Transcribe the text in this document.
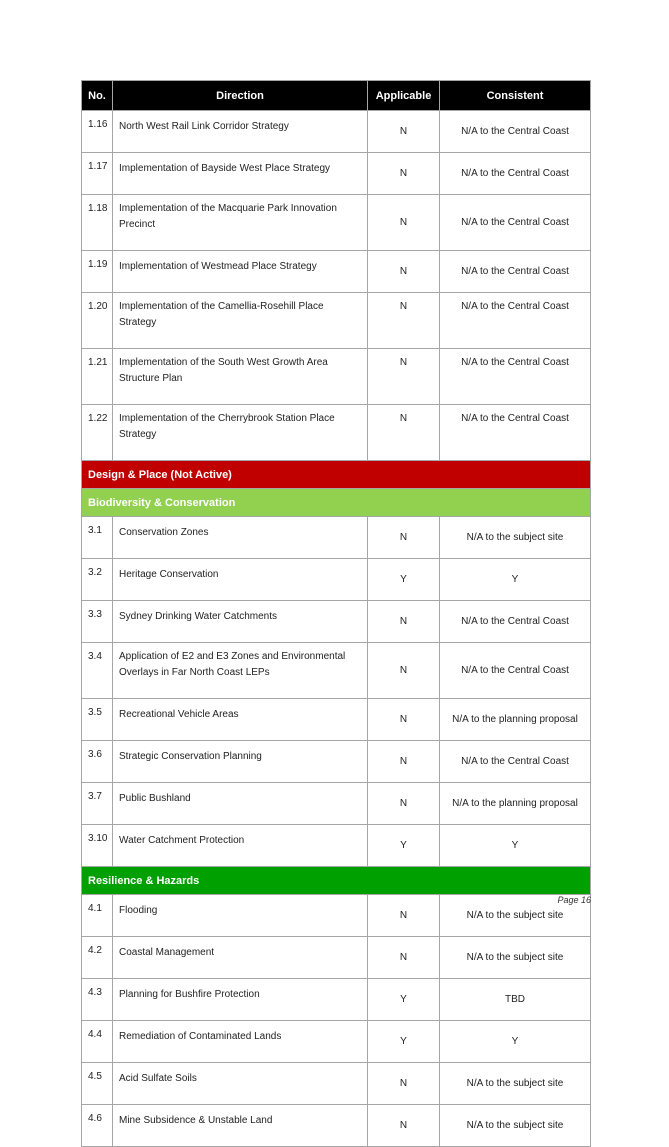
No.	Direction	Applicable	Consistent
1.16	North West Rail Link Corridor Strategy	N	N/A to the Central Coast
1.17	Implementation of Bayside West Place Strategy	N	N/A to the Central Coast
1.18	Implementation of the Macquarie Park Innovation Precinct	N	N/A to the Central Coast
1.19	Implementation of Westmead Place Strategy	N	N/A to the Central Coast
1.20	Implementation of the Camellia-Rosehill Place Strategy	N	N/A to the Central Coast
1.21	Implementation of the South West Growth Area Structure Plan	N	N/A to the Central Coast
1.22	Implementation of the Cherrybrook Station Place Strategy	N	N/A to the Central Coast
Design & Place (Not Active)			
Biodiversity & Conservation			
3.1	Conservation Zones	N	N/A to the subject site
3.2	Heritage Conservation	Y	Y
3.3	Sydney Drinking Water Catchments	N	N/A to the Central Coast
3.4	Application of E2 and E3 Zones and Environmental Overlays in Far North Coast LEPs	N	N/A to the Central Coast
3.5	Recreational Vehicle Areas	N	N/A to the planning proposal
3.6	Strategic Conservation Planning	N	N/A to the Central Coast
3.7	Public Bushland	N	N/A to the planning proposal
3.10	Water Catchment Protection	Y	Y
Resilience & Hazards			
4.1	Flooding	N	N/A to the subject site
4.2	Coastal Management	N	N/A to the subject site
4.3	Planning for Bushfire Protection	Y	TBD
4.4	Remediation of Contaminated Lands	Y	Y
4.5	Acid Sulfate Soils	N	N/A to the subject site
4.6	Mine Subsidence & Unstable Land	N	N/A to the subject site
Page 16
